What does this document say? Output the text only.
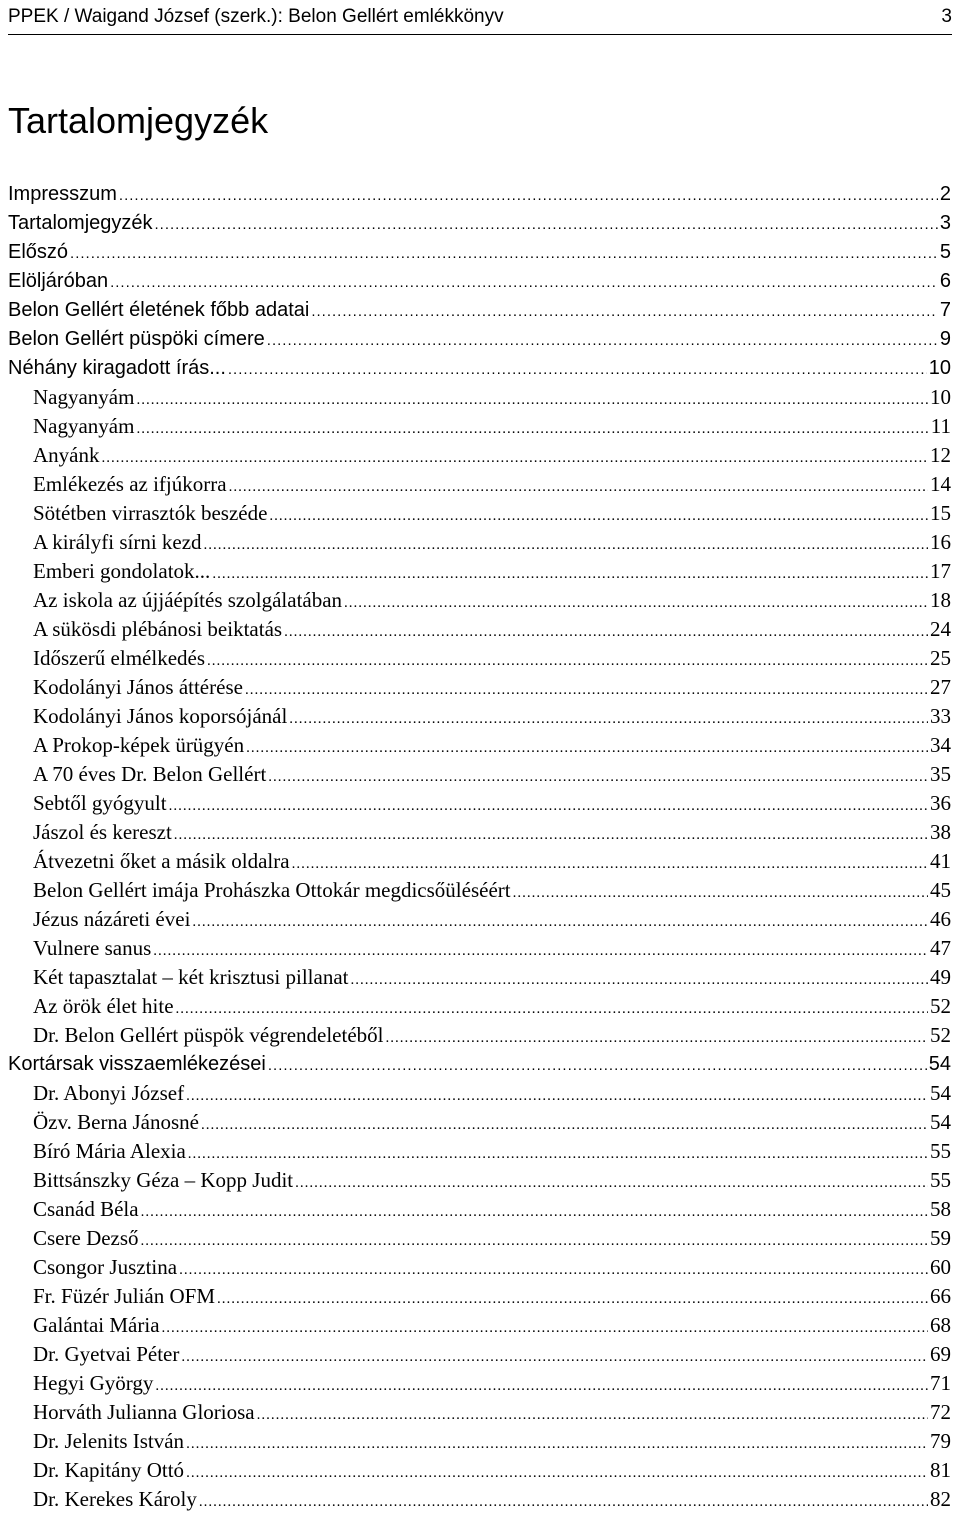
PPEK / Waigand József (szerk.): Belon Gellért emlékkönyv	3
Tartalomjegyzék
Impresszum .....	2
Tartalomjegyzék .....	3
Előszó .....	5
Elöljáróban .....	6
Belon Gellért életének főbb adatai .....	7
Belon Gellért püspöki címere .....	9
Néhány kiragadott írás... .....	10
Nagyanyám .....	10
Nagyanyám .....	11
Anyánk .....	12
Emlékezés az ifjúkorra .....	14
Sötétben virrasztók beszéde .....	15
A királyfi sírni kezd .....	16
Emberi gondolatok... .....	17
Az iskola az újjáépítés szolgálatában .....	18
A sükösdi plébánosi beiktatás .....	24
Időszerű elmélkedés .....	25
Kodolányi János áttérése .....	27
Kodolányi János koporsójánál .....	33
A Prokop-képek ürügyén .....	34
A 70 éves Dr. Belon Gellért .....	35
Sebtől gyógyult .....	36
Jászol és kereszt .....	38
Átvezetni őket a másik oldalra .....	41
Belon Gellért imája Prohászka Ottokár megdicsőüléséért .....	45
Jézus názáreti évei .....	46
Vulnere sanus .....	47
Két tapasztalat – két krisztusi pillanat .....	49
Az örök élet hite .....	52
Dr. Belon Gellért püspök végrendeletéből .....	52
Kortársak visszaemlékezései .....	54
Dr. Abonyi József .....	54
Özv. Berna Jánosné .....	54
Bíró Mária Alexia .....	55
Bittsánszky Géza – Kopp Judit .....	55
Csanád Béla .....	58
Csere Dezső .....	59
Csongor Jusztina .....	60
Fr. Füzér Julián OFM .....	66
Galántai Mária .....	68
Dr. Gyetvai Péter .....	69
Hegyi György .....	71
Horváth Julianna Gloriosa .....	72
Dr. Jelenits István .....	79
Dr. Kapitány Ottó .....	81
Dr. Kerekes Károly .....	82
